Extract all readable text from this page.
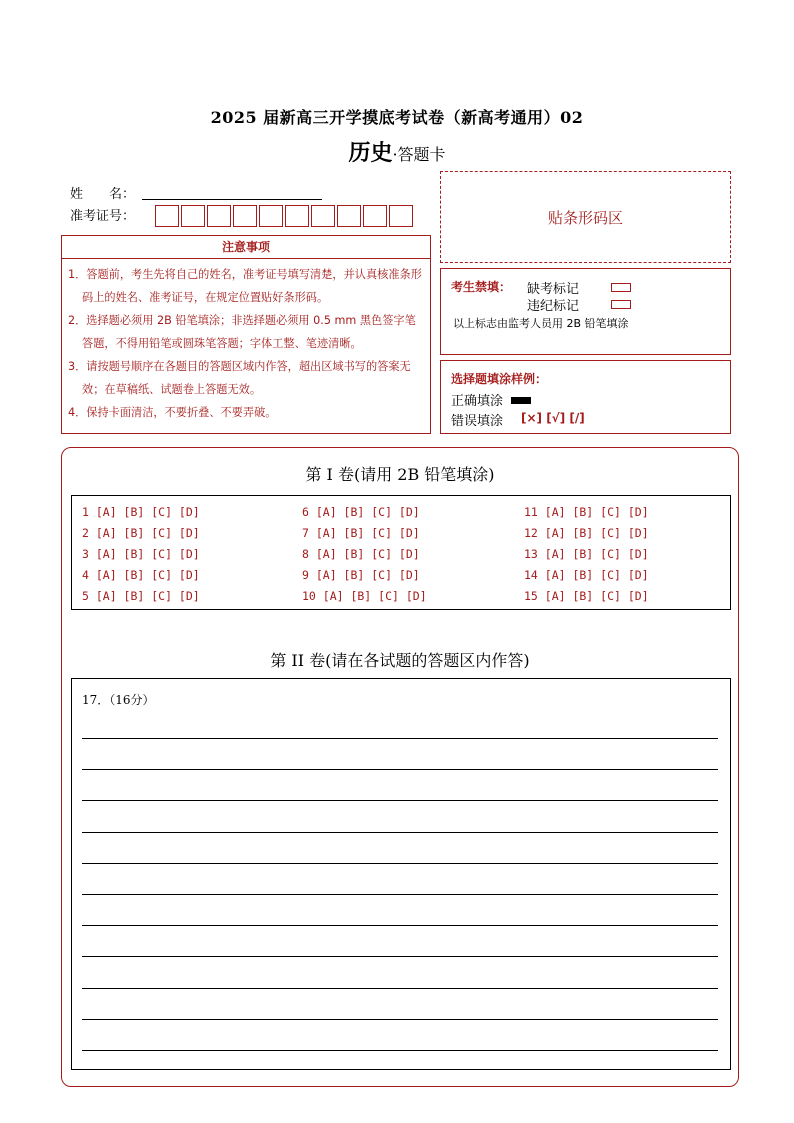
2025 届新高三开学摸底考试卷（新高考通用）02
历史·答题卡
姓　　名：
准考证号：	贴条形码区
注意事项
1．答题前，考生先将自己的姓名，准考证号填写清楚，并认真核准条形码上的姓名、准考证号，在规定位置贴好条形码。
2．选择题必须用 2B 铅笔填涂；非选择题必须用 0.5 mm 黑色签字笔答题，不得用铅笔或圆珠笔答题；字体工整、笔迹清晰。
3．请按题号顺序在各题目的答题区域内作答，超出区域书写的答案无效；在草稿纸、试题卷上答题无效。
4．保持卡面清洁，不要折叠、不要弄破。
考生禁填： 缺考标记
违纪标记
以上标志由监考人员用 2B 铅笔填涂
选择题填涂样例：
正确填涂
错误填涂 [×] [√] [/]
第 I 卷(请用 2B 铅笔填涂)
1 [A] [B] [C] [D]
2 [A] [B] [C] [D]
3 [A] [B] [C] [D]
4 [A] [B] [C] [D]
5 [A] [B] [C] [D]
6 [A] [B] [C] [D]
7 [A] [B] [C] [D]
8 [A] [B] [C] [D]
9 [A] [B] [C] [D]
10 [A] [B] [C] [D]
11 [A] [B] [C] [D]
12 [A] [B] [C] [D]
13 [A] [B] [C] [D]
14 [A] [B] [C] [D]
15 [A] [B] [C] [D]
第 II 卷(请在各试题的答题区内作答)
17．（16分）
